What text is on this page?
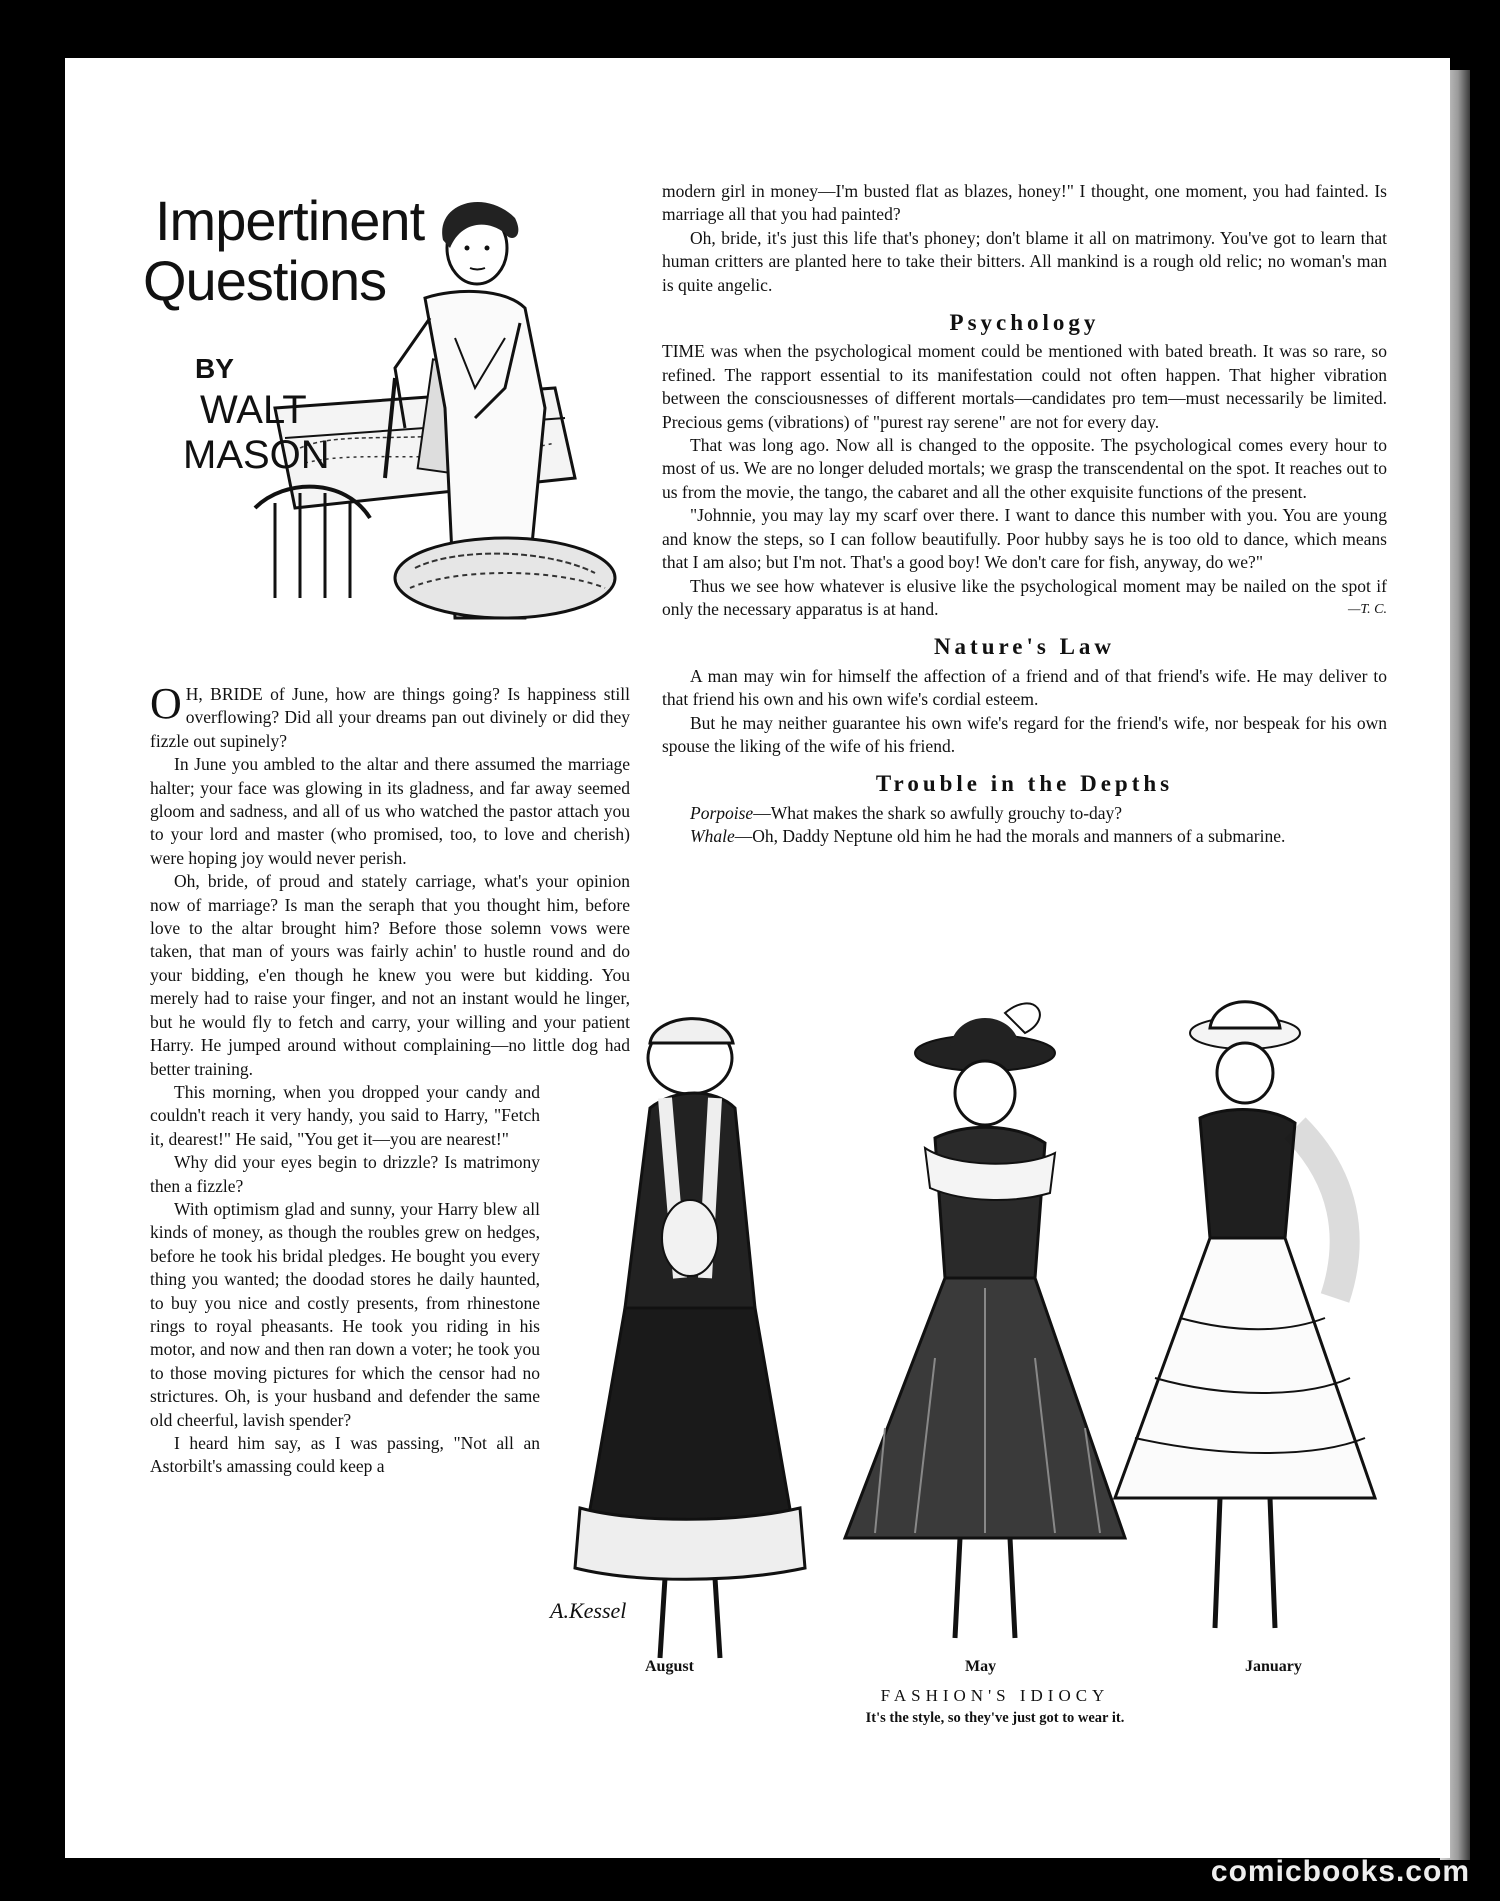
Impertinent
Questions
BY
WALT
MASON

O H, BRIDE of June, how are things going? Is happiness still overflowing? Did all your dreams pan out divinely or did they fizzle out supinely?

In June you ambled to the altar and there assumed the marriage halter; your face was glowing in its gladness, and far away seemed gloom and sadness, and all of us who watched the pastor attach you to your lord and master (who promised, too, to love and cherish) were hoping joy would never perish.

Oh, bride, of proud and stately carriage, what's your opinion now of marriage? Is man the seraph that you thought him, before love to the altar brought him? Before those solemn vows were taken, that man of yours was fairly achin' to hustle round and do your bidding, e'en though he knew you were but kidding. You merely had to raise your finger, and not an instant would he linger, but he would fly to fetch and carry, your willing and your patient Harry. He jumped around without complaining—no little dog had better training.

This morning, when you dropped your candy and couldn't reach it very handy, you said to Harry, "Fetch it, dearest!" He said, "You get it—you are nearest!"

Why did your eyes begin to drizzle? Is matrimony then a fizzle?

With optimism glad and sunny, your Harry blew all kinds of money, as though the roubles grew on hedges, before he took his bridal pledges. He bought you every thing you wanted; the doodad stores he daily haunted, to buy you nice and costly presents, from rhinestone rings to royal pheasants. He took you riding in his motor, and now and then ran down a voter; he took you to those moving pictures for which the censor had no strictures. Oh, is your husband and defender the same old cheerful, lavish spender?

I heard him say, as I was passing, "Not all an Astorbilt's amassing could keep a

modern girl in money—I'm busted flat as blazes, honey!" I thought, one moment, you had fainted. Is marriage all that you had painted?

Oh, bride, it's just this life that's phoney; don't blame it all on matrimony. You've got to learn that human critters are planted here to take their bitters. All mankind is a rough old relic; no woman's man is quite angelic.

Psychology

TIME was when the psychological moment could be mentioned with bated breath. It was so rare, so refined. The rapport essential to its manifestation could not often happen. That higher vibration between the consciousnesses of different mortals—candidates pro tem—must necessarily be limited. Precious gems (vibrations) of "purest ray serene" are not for every day.

That was long ago. Now all is changed to the opposite. The psychological comes every hour to most of us. We are no longer deluded mortals; we grasp the transcendental on the spot. It reaches out to us from the movie, the tango, the cabaret and all the other exquisite functions of the present.

"Johnnie, you may lay my scarf over there. I want to dance this number with you. You are young and know the steps, so I can follow beautifully. Poor hubby says he is too old to dance, which means that I am also; but I'm not. That's a good boy! We don't care for fish, anyway, do we?"

Thus we see how whatever is elusive like the psychological moment may be nailed on the spot if only the necessary apparatus is at hand.	—T. C.

Nature's Law

A man may win for himself the affection of a friend and of that friend's wife. He may deliver to that friend his own and his own wife's cordial esteem.

But he may neither guarantee his own wife's regard for the friend's wife, nor bespeak for his own spouse the liking of the wife of his friend.

Trouble in the Depths

Porpoise—What makes the shark so awfully grouchy to-day?

Whale—Oh, Daddy Neptune old him he had the morals and manners of a submarine.

A.Kessel
August	May	January
FASHION'S IDIOCY
It's the style, so they've just got to wear it.
comicbooks.com
